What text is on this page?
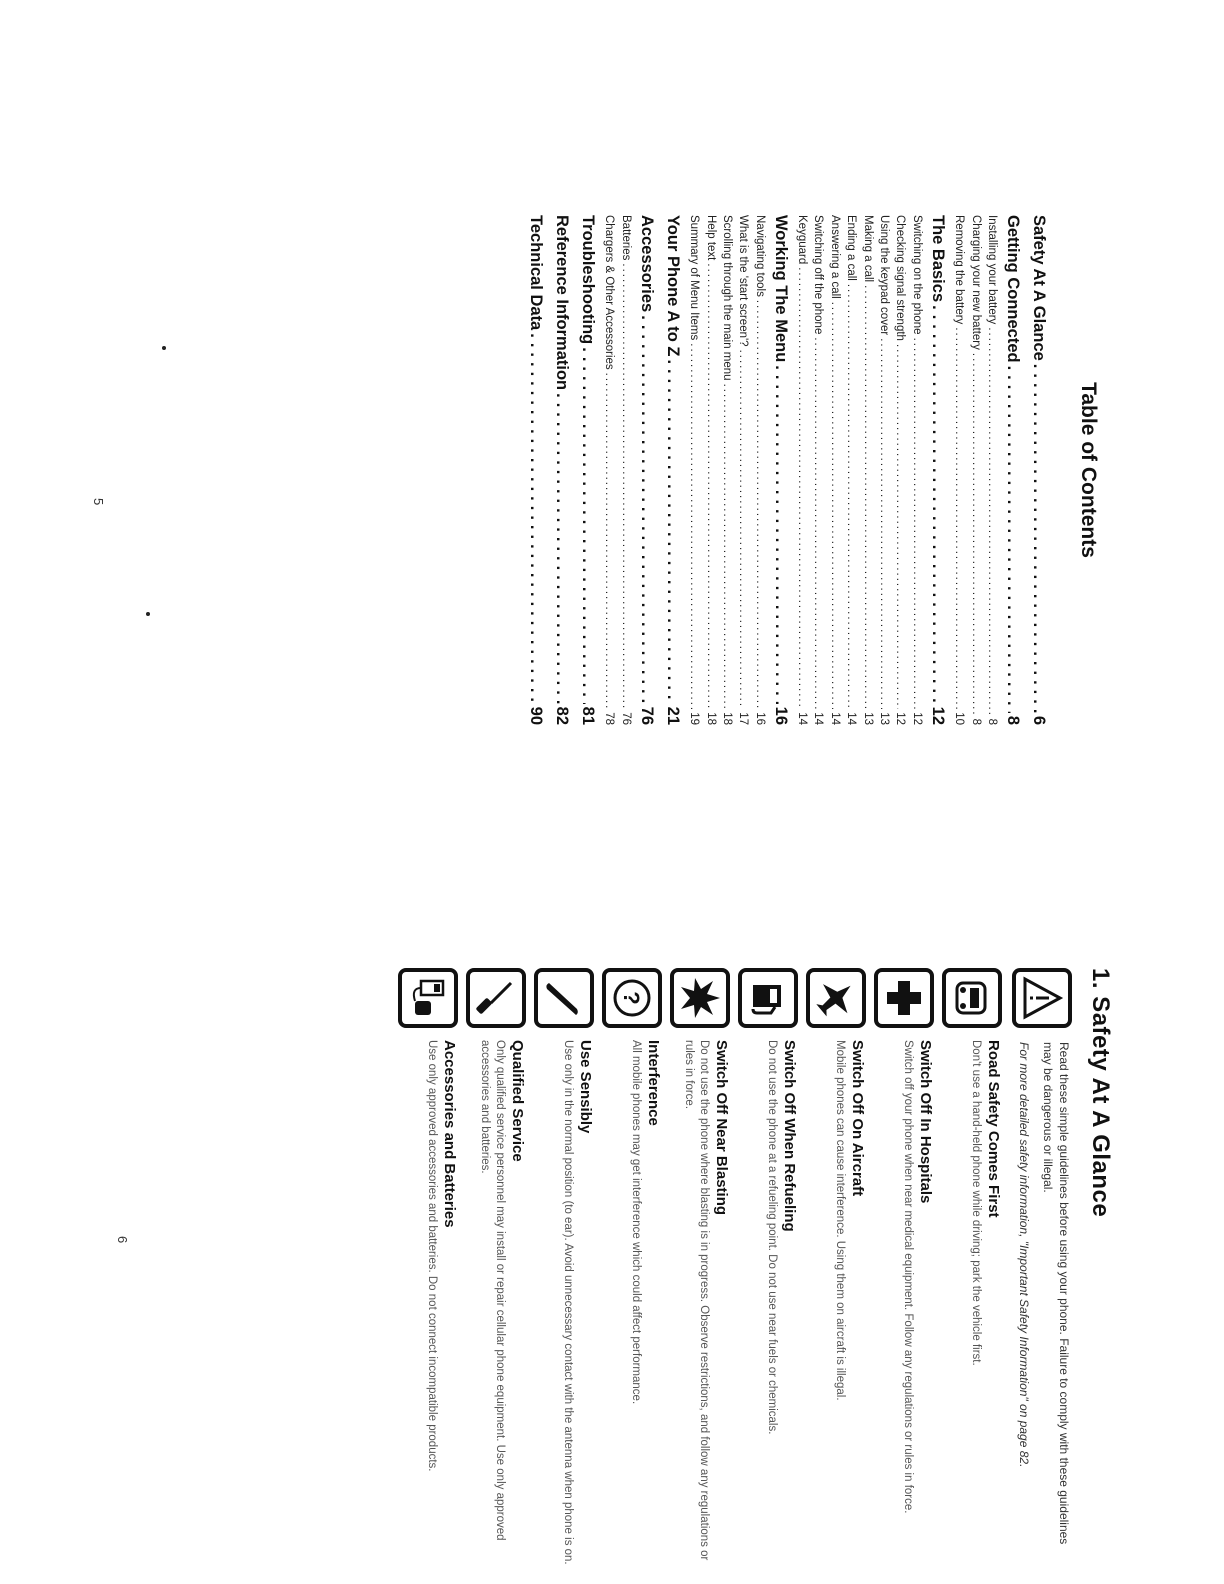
Table of Contents
Safety At A Glance
.....
6
Getting Connected
.....
8
Installing your battery
.....
8
Charging your new battery
.....
8
Removing the battery
.....
10
The Basics
.....
12
Switching on the phone
.....
12
Checking signal strength
.....
12
Using the keypad cover
.....
13
Making a call
.....
13
Ending a call
.....
14
Answering a call
.....
14
Switching off the phone
.....
14
Keyguard
.....
14
Working The Menu
.....
16
Navigating tools
.....
16
What is the 'start screen'?
.....
17
Scrolling through the main menu
.....
18
Help text
.....
18
Summary of Menu Items
.....
19
Your Phone A to Z
.....
21
Accessories
.....
76
Batteries
.....
76
Chargers & Other Accessories
.....
78
Troubleshooting
.....
81
Reference Information
.....
82
Technical Data
.....
90
5
6
1. Safety At A Glance
Read these simple guidelines before using your phone. Failure to comply with these guidelines may be dangerous or illegal.
For more detailed safety information, "Important Safety Information" on page 82.
Road Safety Comes First

Don't use a hand-held phone while driving; park the vehicle first.

Switch Off In Hospitals

Switch off your phone when near medical equipment. Follow any regulations or rules in force.

Switch Off On Aircraft

Mobile phones can cause interference. Using them on aircraft is illegal.

Switch Off When Refueling

Do not use the phone at a refueling point. Do not use near fuels or chemicals.

Switch Off Near Blasting

Do not use the phone where blasting is in progress. Observe restrictions, and follow any regulations or rules in force.

?
Interference

All mobile phones may get interference which could affect performance.

Use Sensibly

Use only in the normal position (to ear). Avoid unnecessary contact with the antenna when phone is on.

Qualified Service

Only qualified service personnel may install or repair cellular phone equipment. Use only approved accessories and batteries.

Accessories and Batteries

Use only approved accessories and batteries. Do not connect incompatible products.
